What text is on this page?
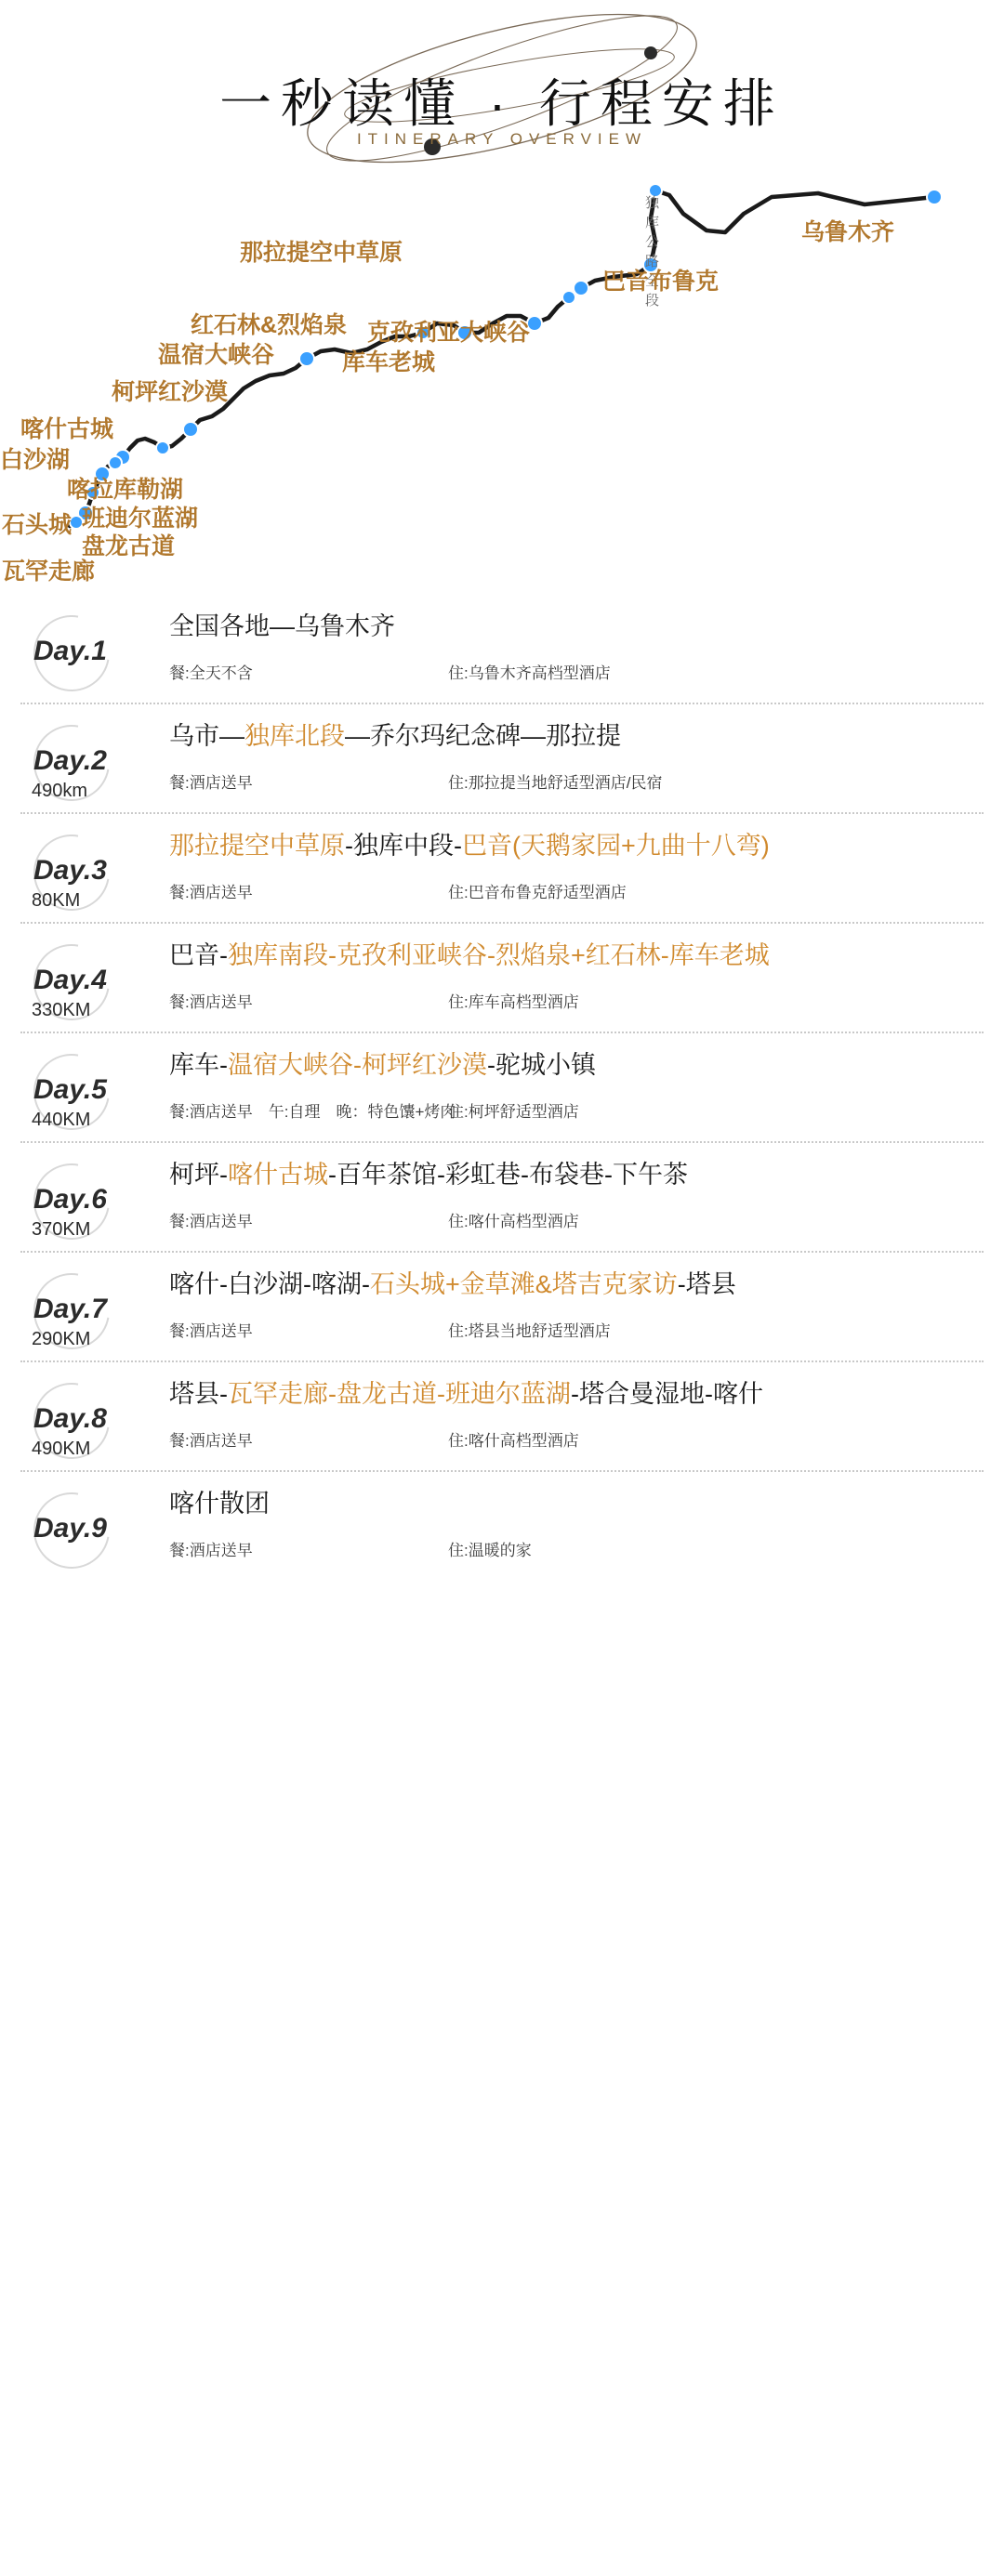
一秒读懂 · 行程安排
ITINERARY OVERVIEW
独库公路全段	乌鲁木齐
那拉提空中草原
巴音布鲁克
克孜利亚大峡谷
红石林&烈焰泉
温宿大峡谷	库车老城
柯坪红沙漠
喀什古城
白沙湖
喀拉库勒湖
班迪尔蓝湖
石头城
盘龙古道
瓦罕走廊
Day.1
全国各地—乌鲁木齐
餐:全天不含	住:乌鲁木齐高档型酒店
Day.2
490km
乌市—独库北段—乔尔玛纪念碑—那拉提
餐:酒店送早	住:那拉提当地舒适型酒店/民宿
Day.3
80KM
那拉提空中草原-独库中段-巴音(天鹅家园+九曲十八弯)
餐:酒店送早	住:巴音布鲁克舒适型酒店
Day.4
330KM
巴音-独库南段-克孜利亚峡谷-烈焰泉+红石林-库车老城
餐:酒店送早	住:库车高档型酒店
Day.5
440KM
库车-温宿大峡谷-柯坪红沙漠-驼城小镇
餐:酒店送早　午:自理　晚：特色馕+烤肉
住:柯坪舒适型酒店
Day.6
370KM
柯坪-喀什古城-百年茶馆-彩虹巷-布袋巷-下午茶
餐:酒店送早	住:喀什高档型酒店
Day.7
290KM
喀什-白沙湖-喀湖-石头城+金草滩&塔吉克家访-塔县
餐:酒店送早	住:塔县当地舒适型酒店
Day.8
490KM
塔县-瓦罕走廊-盘龙古道-班迪尔蓝湖-塔合曼湿地-喀什
餐:酒店送早	住:喀什高档型酒店
Day.9
喀什散团
餐:酒店送早	住:温暖的家
